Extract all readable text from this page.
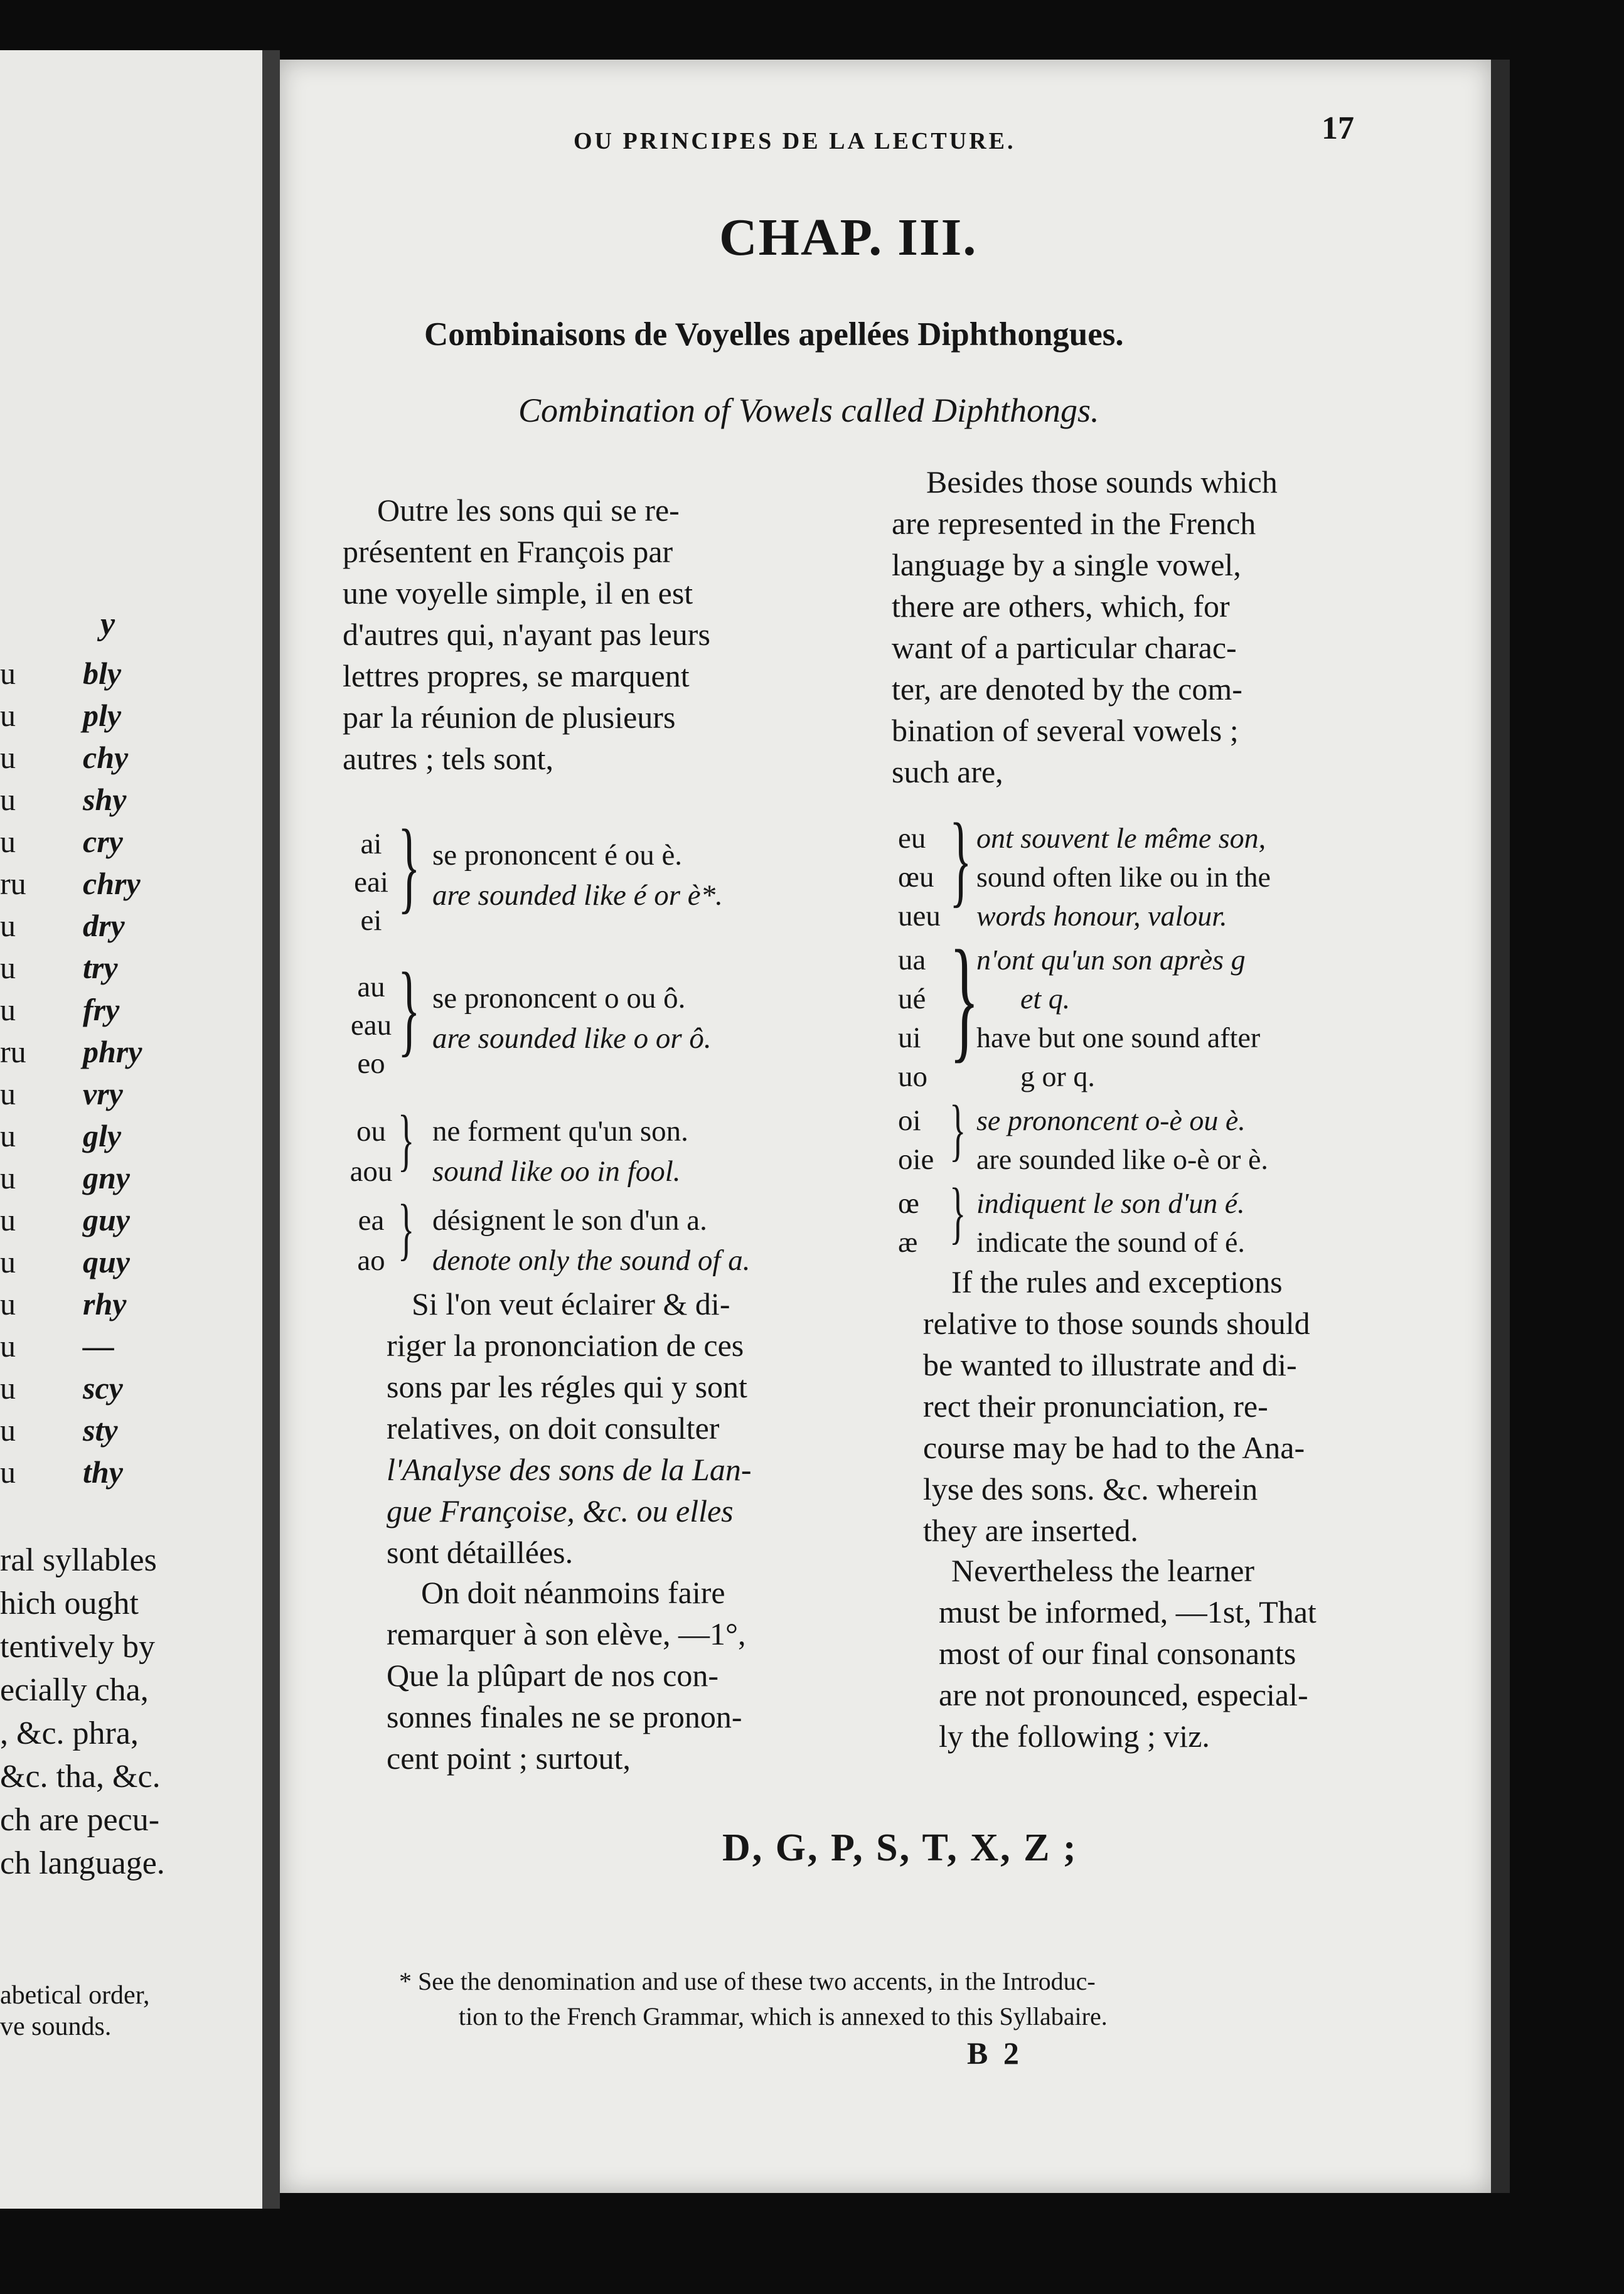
y
u
u
u
u
u
ru
u
u
u
ru
u
u
u
u
u
u
u
u
u
u
bly
ply
chy
shy
cry
chry
dry
try
fry
phry
vry
gly
gny
guy
quy
rhy
—
scy
sty
thy
ral syllables
hich ought
tentively by
ecially cha,
, &c. phra,
&c. tha, &c.
ch are pecu-
ch language.
abetical order,
ve sounds.
OU PRINCIPES DE LA LECTURE.	17
CHAP. III.
Combinaisons de Voyelles apellées Diphthongues.
Combination of Vowels called Diphthongs.
Outre les sons qui se re-
présentent en François par
une voyelle simple, il en est
d'autres qui, n'ayant pas leurs
lettres propres, se marquent
par la réunion de plusieurs
autres ; tels sont,
Besides those sounds which
are represented in the French
language by a single vowel,
there are others, which, for
want of a particular charac-
ter, are denoted by the com-
bination of several vowels ;
such are,
ai
eai
ei } se prononcent é ou è.
are sounded like é or è*.
au
eau
eo } se prononcent o ou ô.
are sounded like o or ô.
ou
aou } ne forment qu'un son.
sound like oo in fool.
ea
ao } désignent le son d'un a.
denote only the sound of a.
eu
œu
ueu } ont souvent le même son,
sound often like ou in the
words honour, valour.
ua
ué
ui
uo
}
n'ont qu'un son après g
et q.
have but one sound after
g or q.
oi
oie } se prononcent o-è ou è.
are sounded like o-è or è.
œ
æ } indiquent le son d'un é.
indicate the sound of é.
Si l'on veut éclairer & di-
riger la prononciation de ces
sons par les régles qui y sont
relatives, on doit consulter
l'Analyse des sons de la Lan-
gue Françoise, &c. ou elles
sont détaillées.
On doit néanmoins faire
remarquer à son elève, —1°,
Que la plûpart de nos con-
sonnes finales ne se pronon-
cent point ; surtout,
If the rules and exceptions
relative to those sounds should
be wanted to illustrate and di-
rect their pronunciation, re-
course may be had to the Ana-
lyse des sons. &c. wherein
they are inserted.
Nevertheless the learner
must be informed, —1st, That
most of our final consonants
are not pronounced, especial-
ly the following ; viz.
D, G, P, S, T, X, Z ;
* See the denomination and use of these two accents, in the Introduc-
tion to the French Grammar, which is annexed to this Syllabaire.
B 2
